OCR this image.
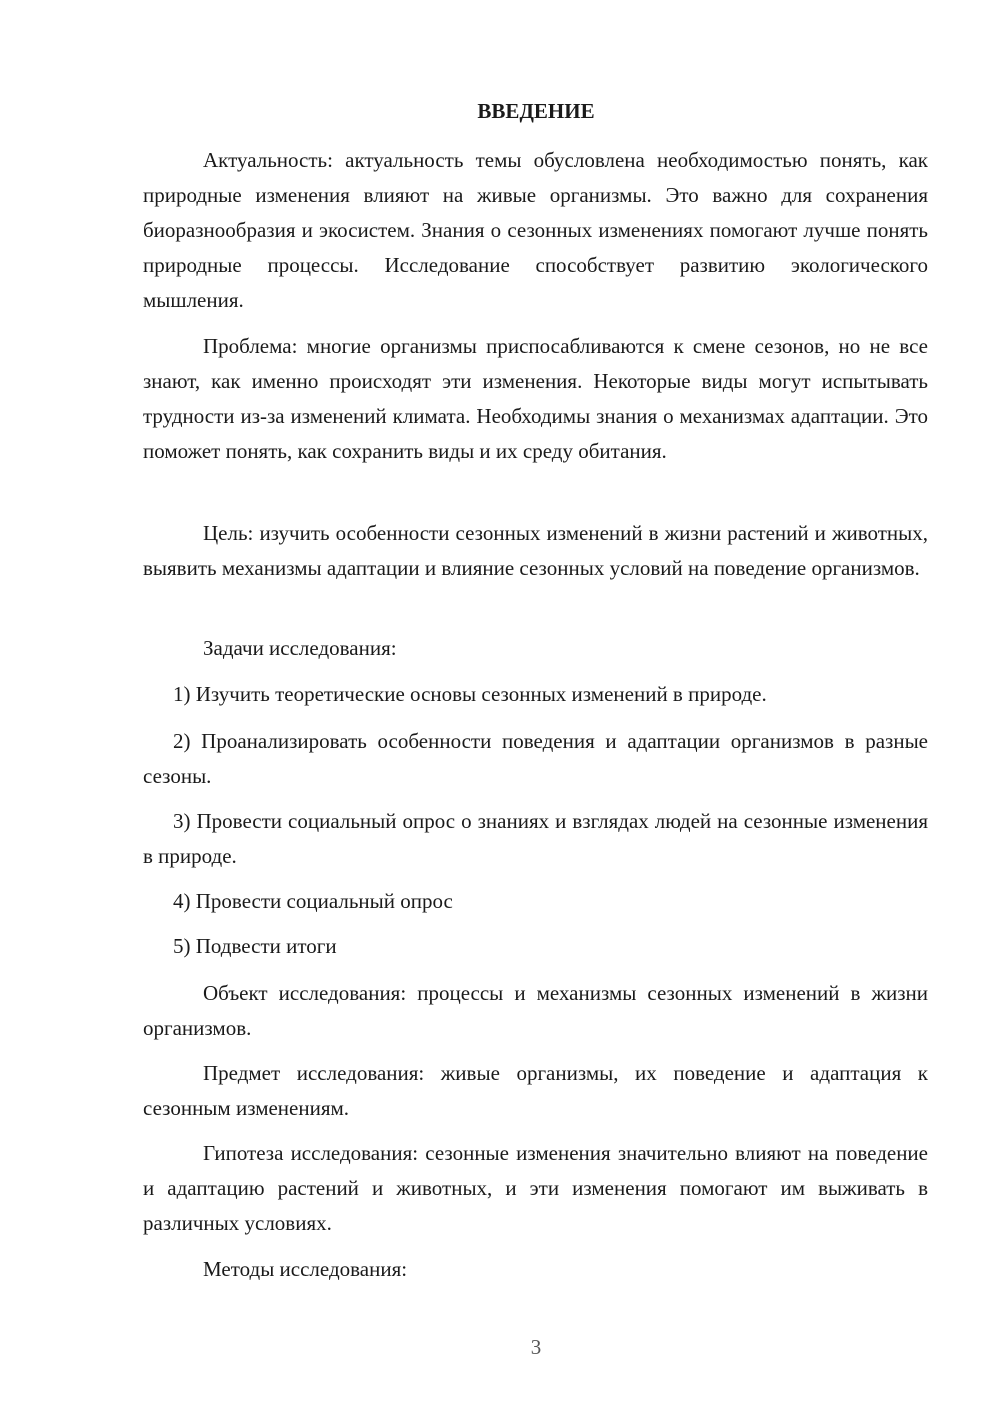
ВВЕДЕНИЕ

Актуальность: актуальность темы обусловлена необходимостью понять, как природные изменения влияют на живые организмы. Это важно для сохранения биоразнообразия и экосистем. Знания о сезонных изменениях помогают лучше понять природные процессы. Исследование способствует развитию экологического мышления.

Проблема: многие организмы приспосабливаются к смене сезонов, но не все знают, как именно происходят эти изменения. Некоторые виды могут испытывать трудности из-за изменений климата. Необходимы знания о механизмах адаптации. Это поможет понять, как сохранить виды и их среду обитания.

Цель: изучить особенности сезонных изменений в жизни растений и животных, выявить механизмы адаптации и влияние сезонных условий на поведение организмов.

Задачи исследования:

1) Изучить теоретические основы сезонных изменений в природе.

2) Проанализировать особенности поведения и адаптации организмов в разные сезоны.

3) Провести социальный опрос о знаниях и взглядах людей на сезонные изменения в природе.

4) Провести социальный опрос

5) Подвести итоги

Объект исследования: процессы и механизмы сезонных изменений в жизни организмов.

Предмет исследования: живые организмы, их поведение и адаптация к сезонным изменениям.

Гипотеза исследования: сезонные изменения значительно влияют на поведение и адаптацию растений и животных, и эти изменения помогают им выживать в различных условиях.

Методы исследования:

3
